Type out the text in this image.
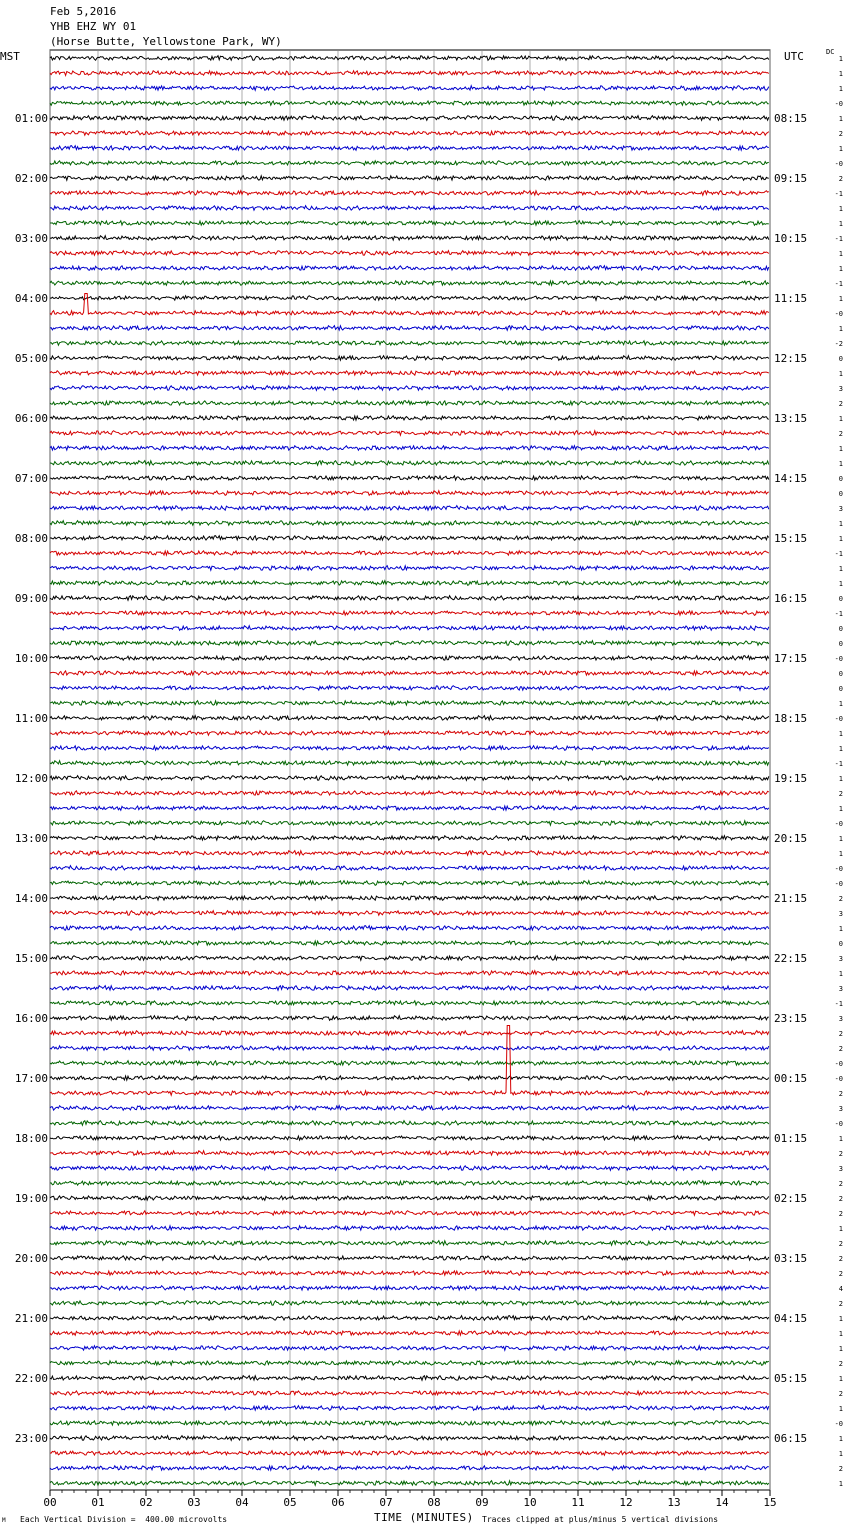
Feb 5,2016
YHB EHZ WY 01
(Horse Butte, Yellowstone Park, WY)
MST	UTC	DC
00	01	02	03	04	05	06	07	08	09	10	11	12	13	14	15
1
1
1
-0
1
01:00	08:15
2
1
-0
2
02:00	09:15
-1
1
1
-1
03:00	10:15
1
1
-1
1
04:00	11:15
-0
1
-2
0
05:00	12:15
1
3
2
1
06:00	13:15
2
1
1
0
07:00	14:15
0
3
1
1
08:00	15:15
-1
1
1
0
09:00	16:15
-1
0
0
-0
10:00	17:15
0
0
1
-0
11:00	18:15
1
1
-1
1
12:00	19:15
2
1
-0
1
13:00	20:15
1
-0
-0
2
14:00	21:15
3
1
0
3
15:00	22:15
1
3
-1
3
16:00	23:15
2
2
-0
-0
17:00	00:15
2
3
-0
1
18:00	01:15
2
3
2
2
19:00	02:15
2
1
2
2
20:00	03:15
2
4
2
1
21:00	04:15
1
1
2
1
22:00	05:15
2
1
-0
1
23:00	06:15
1
2
1
M Each Vertical Division =  400.00 microvolts	TIME (MINUTES) Traces clipped at plus/minus 5 vertical divisions
